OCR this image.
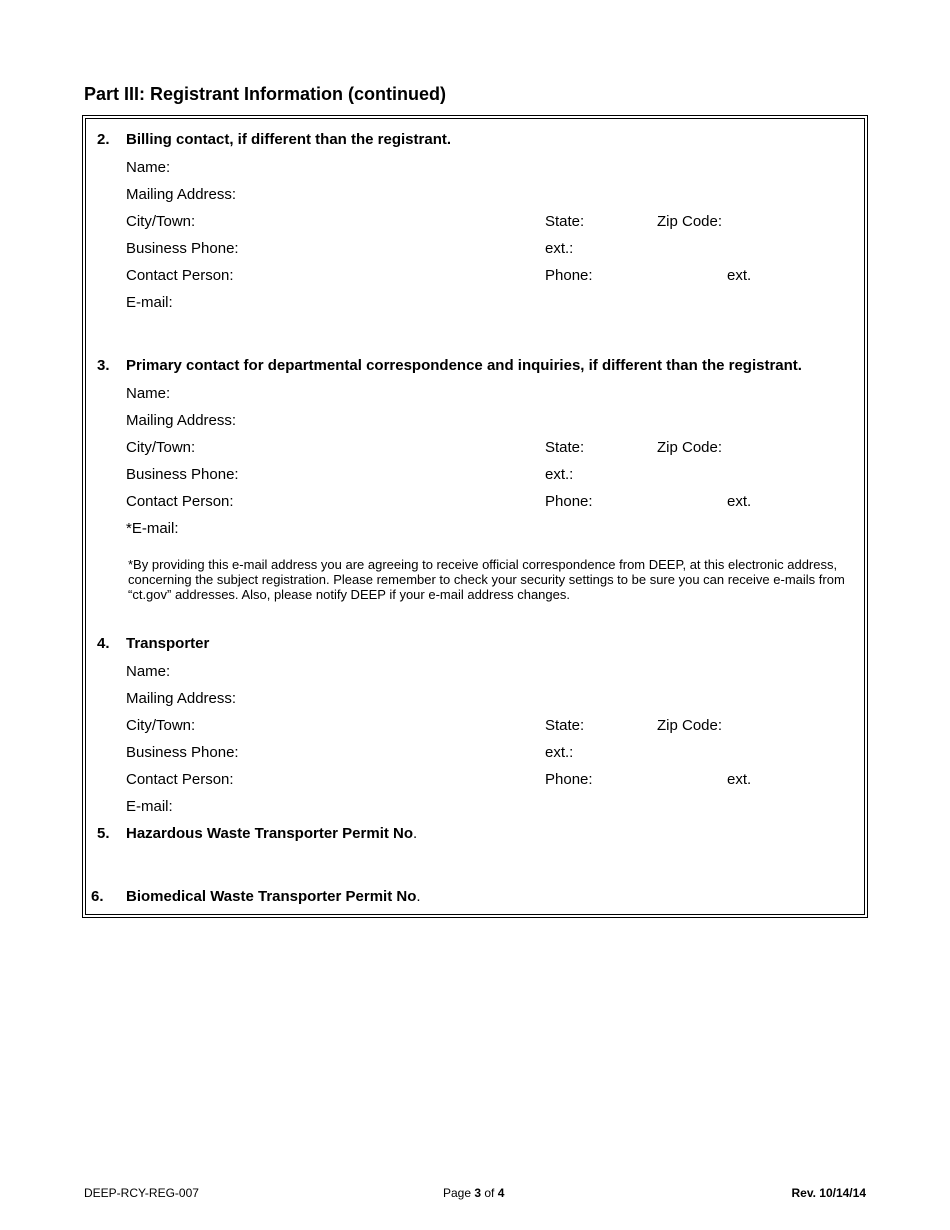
Part III: Registrant Information (continued)
2. Billing contact, if different than the registrant.
Name:
Mailing Address:
City/Town:	State:	Zip Code:
Business Phone:	ext.:
Contact Person:	Phone:	ext.
E-mail:
3. Primary contact for departmental correspondence and inquiries, if different than the registrant.
Name:
Mailing Address:
City/Town:	State:	Zip Code:
Business Phone:	ext.:
Contact Person:	Phone:	ext.
*E-mail:

*By providing this e-mail address you are agreeing to receive official correspondence from DEEP, at this electronic address, concerning the subject registration. Please remember to check your security settings to be sure you can receive e-mails from “ct.gov” addresses. Also, please notify DEEP if your e-mail address changes.

4. Transporter
Name:
Mailing Address:
City/Town:	State:	Zip Code:
Business Phone:	ext.:
Contact Person:	Phone:	ext.
E-mail:
5. Hazardous Waste Transporter Permit No.
6. Biomedical Waste Transporter Permit No.
DEEP-RCY-REG-007	Page 3 of 4	Rev. 10/14/14
